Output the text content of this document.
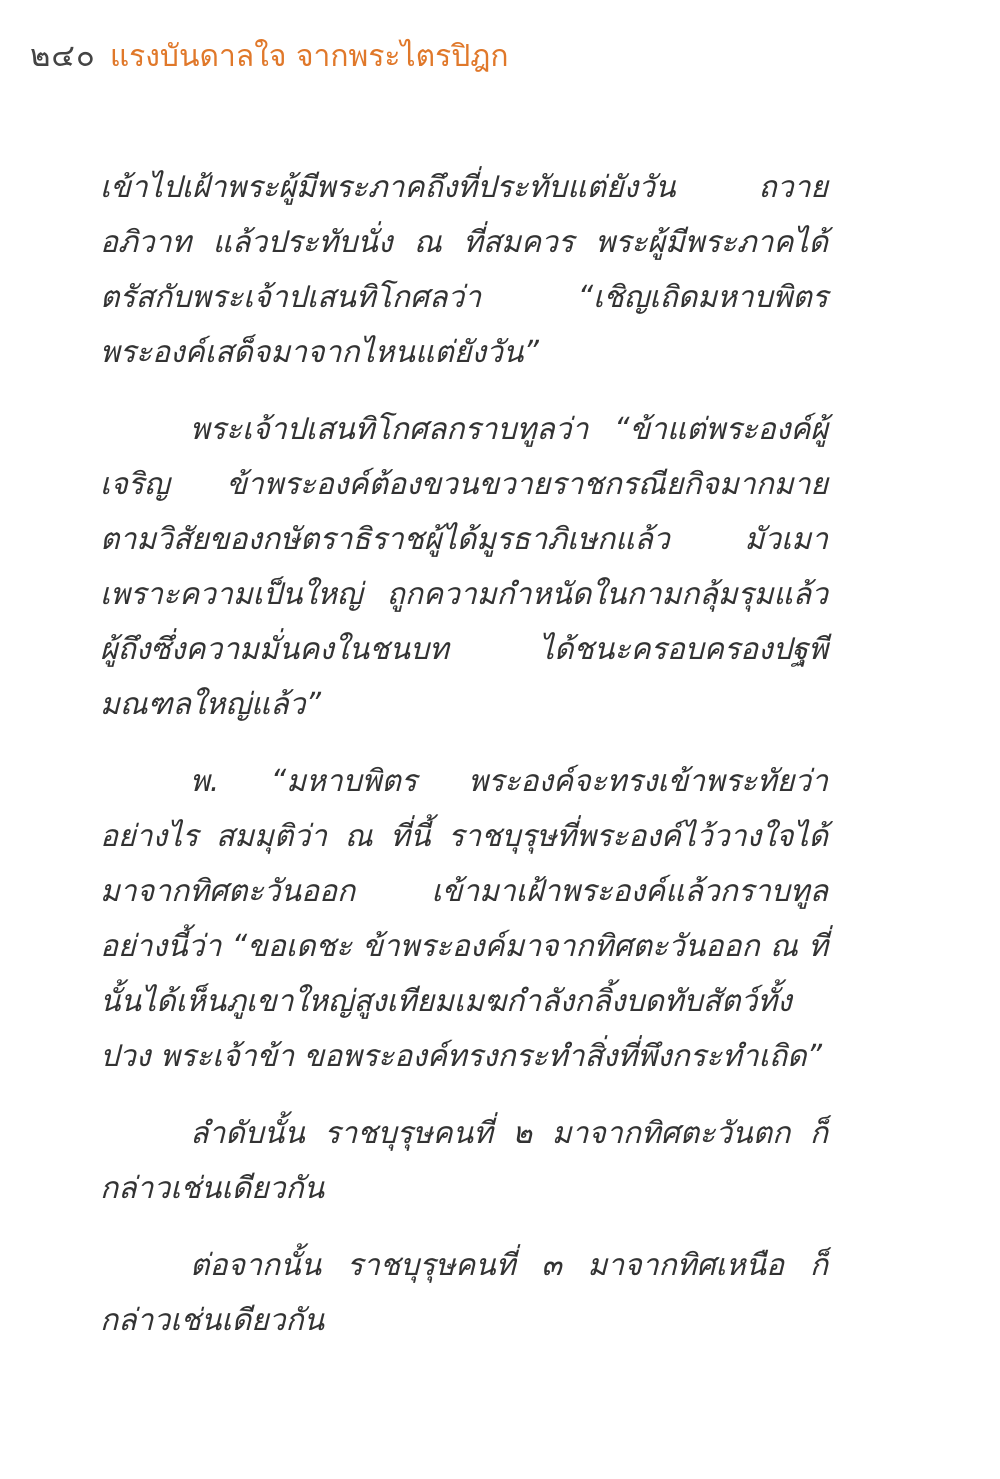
๒๔๐ แรงบันดาลใจ จากพระไตรปิฎก

เข้าไปเฝ้าพระผู้มีพระภาคถึงที่ประทับแต่ยังวัน ถวายอภิวาท แล้วประทับนั่ง ณ ที่สมควร พระผู้มีพระภาคได้ตรัสกับพระเจ้าปเสนทิโกศลว่า “เชิญเถิดมหาบพิตร พระองค์เสด็จมาจากไหนแต่ยังวัน”

พระเจ้าปเสนทิโกศลกราบทูลว่า “ข้าแต่พระองค์ผู้เจริญ ข้าพระองค์ต้องขวนขวายราชกรณียกิจมากมาย ตามวิสัยของกษัตราธิราชผู้ได้มูรธาภิเษกแล้ว มัวเมาเพราะความเป็นใหญ่ ถูกความกำหนัดในกามกลุ้มรุมแล้ว ผู้ถึงซึ่งความมั่นคงในชนบท ได้ชนะครอบครองปฐพีมณฑลใหญ่แล้ว”

พ. “มหาบพิตร พระองค์จะทรงเข้าพระทัยว่าอย่างไร สมมุติว่า ณ ที่นี้ ราชบุรุษที่พระองค์ไว้วางใจได้มาจากทิศตะวันออก เข้ามาเฝ้าพระองค์แล้วกราบทูลอย่างนี้ว่า “ขอเดชะ ข้าพระองค์มาจากทิศตะวันออก ณ ที่นั้นได้เห็นภูเขาใหญ่สูงเทียมเมฆกำลังกลิ้งบดทับสัตว์ทั้งปวง พระเจ้าข้า ขอพระองค์ทรงกระทำสิ่งที่พึงกระทำเถิด”

ลำดับนั้น ราชบุรุษคนที่ ๒ มาจากทิศตะวันตก ก็กล่าวเช่นเดียวกัน

ต่อจากนั้น ราชบุรุษคนที่ ๓ มาจากทิศเหนือ ก็กล่าวเช่นเดียวกัน
